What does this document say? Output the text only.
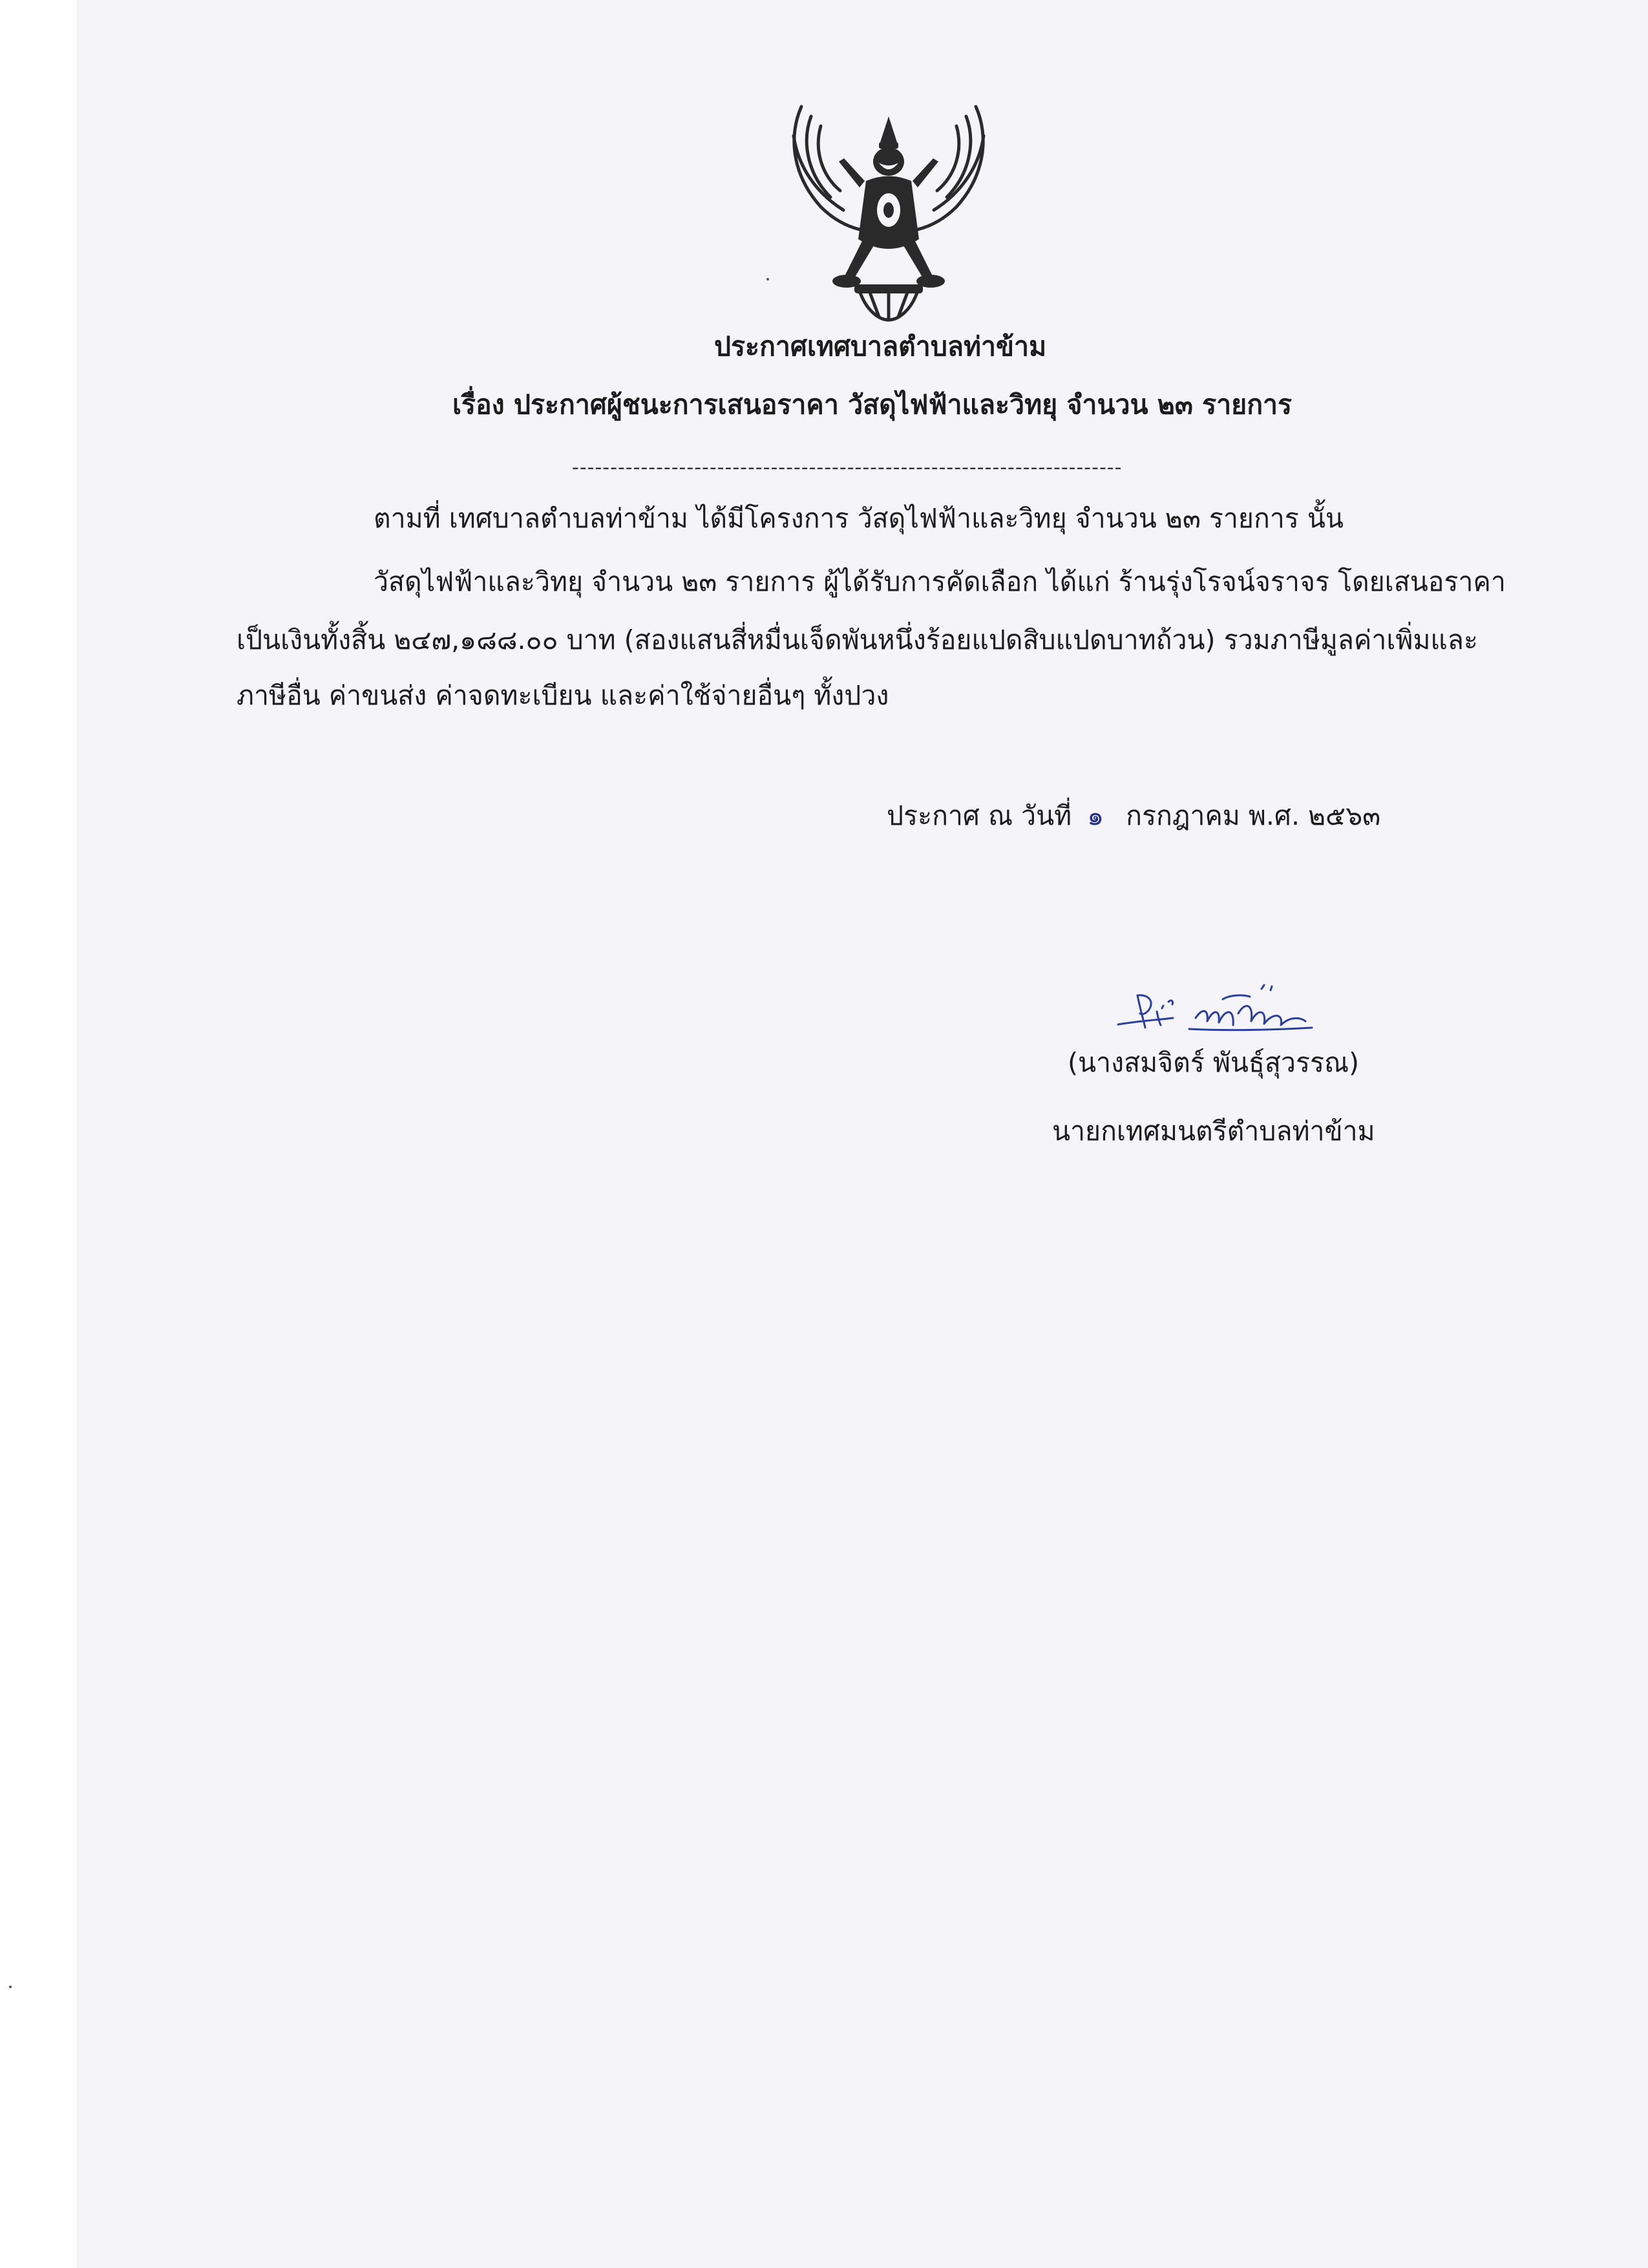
ประกาศเทศบาลตำบลท่าข้าม
เรื่อง ประกาศผู้ชนะการเสนอราคา วัสดุไฟฟ้าและวิทยุ จำนวน ๒๓ รายการ
------------------------------------------------------------------------
ตามที่ เทศบาลตำบลท่าข้าม ได้มีโครงการ วัสดุไฟฟ้าและวิทยุ จำนวน ๒๓ รายการ นั้น
วัสดุไฟฟ้าและวิทยุ จำนวน ๒๓ รายการ ผู้ได้รับการคัดเลือก ได้แก่ ร้านรุ่งโรจน์จราจร โดยเสนอราคา
เป็นเงินทั้งสิ้น ๒๔๗,๑๘๘.๐๐ บาท (สองแสนสี่หมื่นเจ็ดพันหนึ่งร้อยแปดสิบแปดบาทถ้วน) รวมภาษีมูลค่าเพิ่มและ
ภาษีอื่น ค่าขนส่ง ค่าจดทะเบียน และค่าใช้จ่ายอื่นๆ ทั้งปวง
ประกาศ ณ วันที่ ๑ กรกฎาคม พ.ศ. ๒๕๖๓
(นางสมจิตร์ พันธุ์สุวรรณ)
นายกเทศมนตรีตำบลท่าข้าม
